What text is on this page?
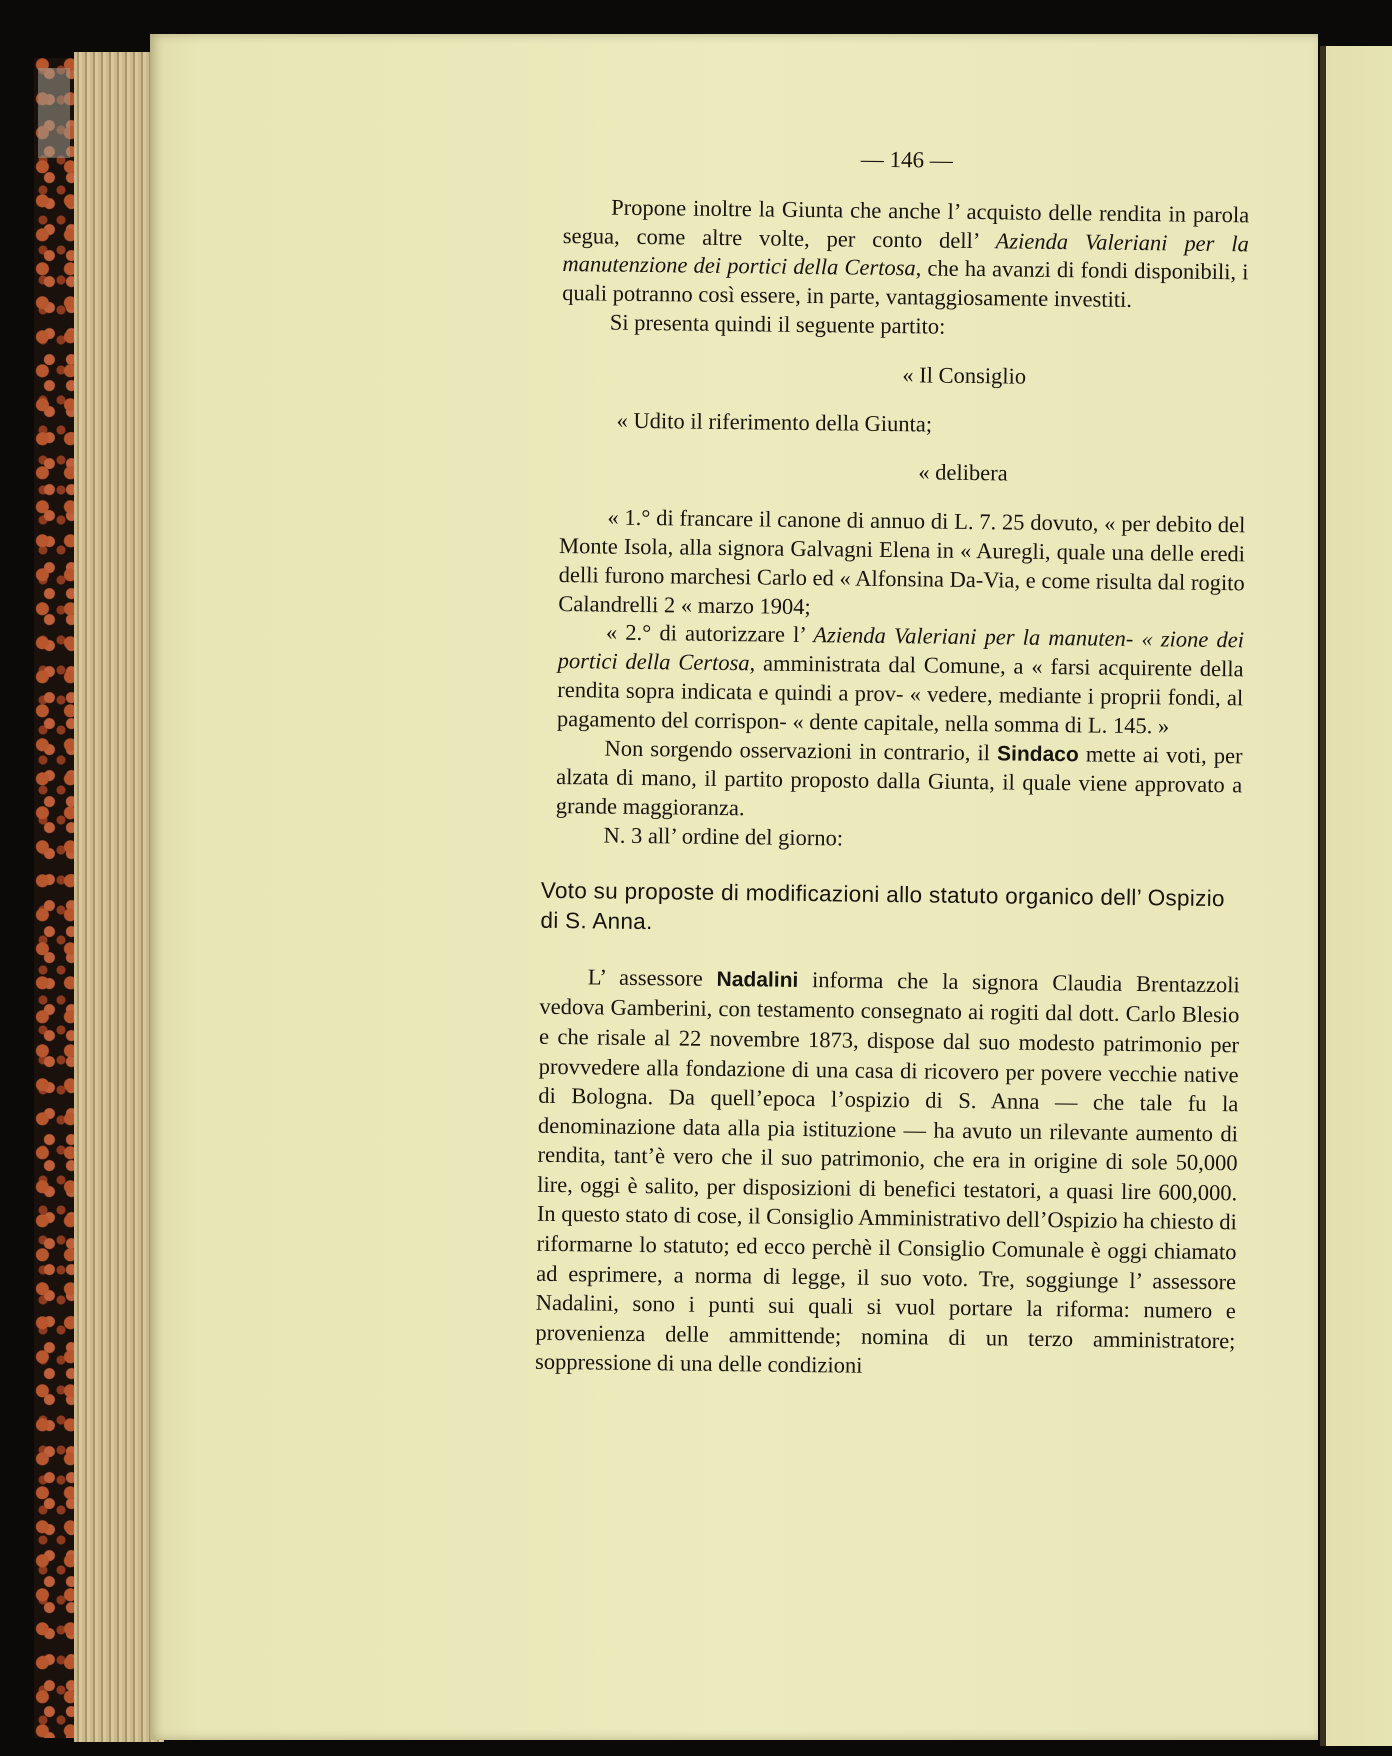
— 146 —

Propone inoltre la Giunta che anche l’ acquisto delle rendita in parola segua, come altre volte, per conto dell’ Azienda Valeriani per la manutenzione dei portici della Certosa, che ha avanzi di fondi disponibili, i quali potranno così essere, in parte, vantaggiosamente investiti.

Si presenta quindi il seguente partito:

« Il Consiglio

« Udito il riferimento della Giunta;

« delibera

« 1.° di francare il canone di annuo di L. 7. 25 dovuto, « per debito del Monte Isola, alla signora Galvagni Elena in « Auregli, quale una delle eredi delli furono marchesi Carlo ed « Alfonsina Da-Via, e come risulta dal rogito Calandrelli 2 « marzo 1904;

« 2.° di autorizzare l’ Azienda Valeriani per la manuten- « zione dei portici della Certosa, amministrata dal Comune, a « farsi acquirente della rendita sopra indicata e quindi a prov- « vedere, mediante i proprii fondi, al pagamento del corrispon- « dente capitale, nella somma di L. 145. »

Non sorgendo osservazioni in contrario, il Sindaco mette ai voti, per alzata di mano, il partito proposto dalla Giunta, il quale viene approvato a grande maggioranza.

N. 3 all’ ordine del giorno:

Voto su proposte di modificazioni allo statuto organico dell’ Ospizio di S. Anna.

L’ assessore Nadalini informa che la signora Claudia Brentazzoli vedova Gamberini, con testamento consegnato ai rogiti dal dott. Carlo Blesio e che risale al 22 novembre 1873, dispose dal suo modesto patrimonio per provvedere alla fondazione di una casa di ricovero per povere vecchie native di Bologna. Da quell’epoca l’ospizio di S. Anna — che tale fu la denominazione data alla pia istituzione — ha avuto un rilevante aumento di rendita, tant’è vero che il suo patrimonio, che era in origine di sole 50,000 lire, oggi è salito, per disposizioni di benefici testatori, a quasi lire 600,000. In questo stato di cose, il Consiglio Amministrativo dell’Ospizio ha chiesto di riformarne lo statuto; ed ecco perchè il Consiglio Comunale è oggi chiamato ad esprimere, a norma di legge, il suo voto. Tre, soggiunge l’ assessore Nadalini, sono i punti sui quali si vuol portare la riforma: numero e provenienza delle ammittende; nomina di un terzo amministratore; soppressione di una delle condizioni
